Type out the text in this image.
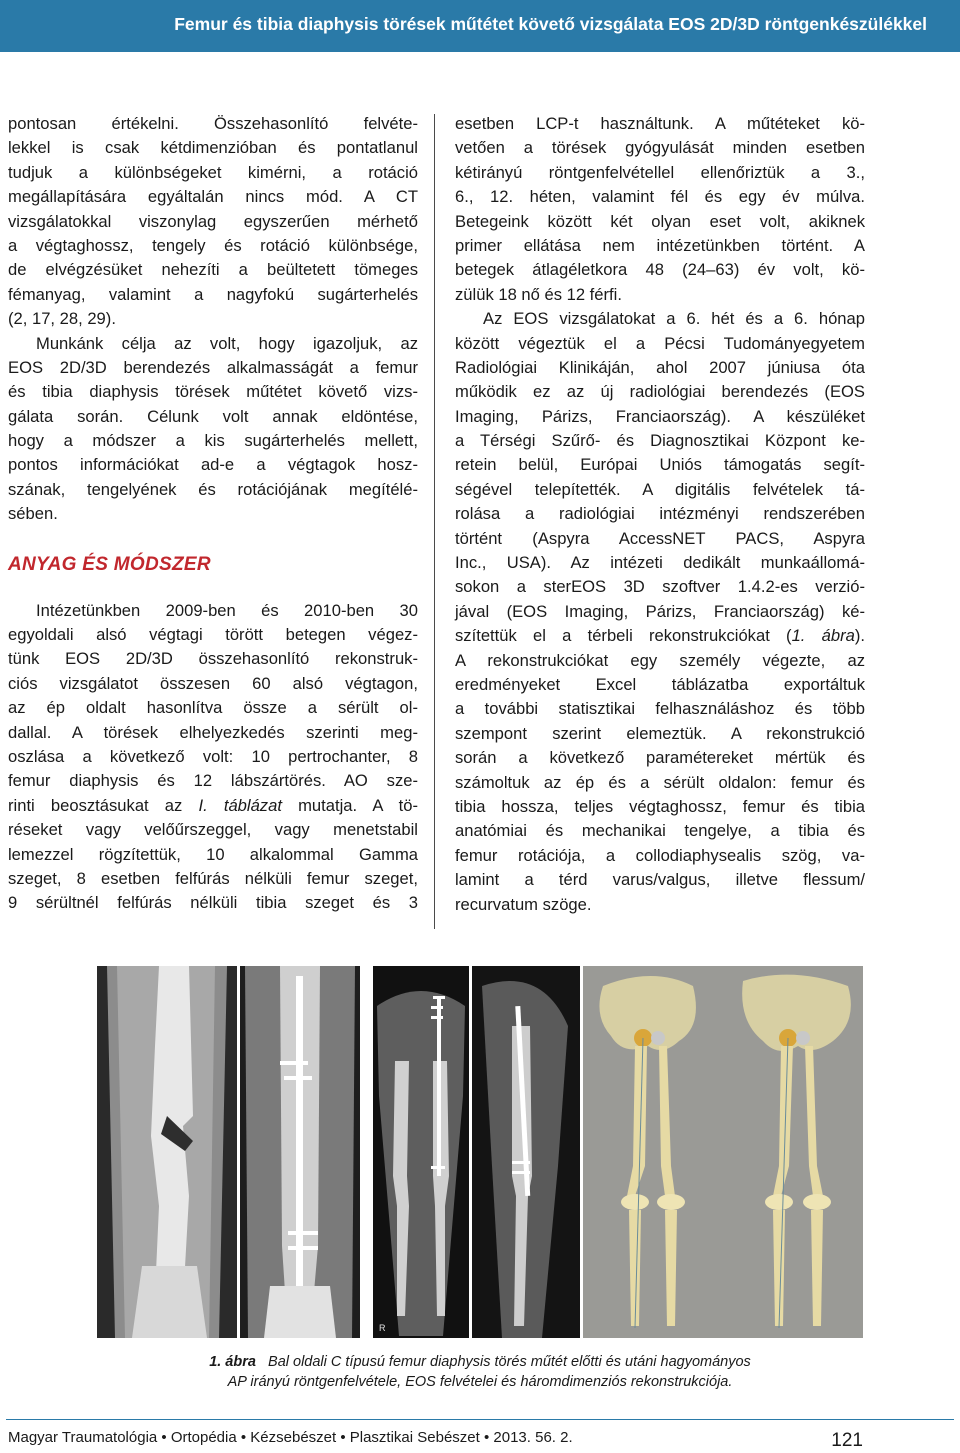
Femur és tibia diaphysis törések műtétet követő vizsgálata EOS 2D/3D röntgenkészülékkel
pontosan értékelni. Összehasonlító felvéte-
lekkel is csak kétdimenzióban és pontatlanul
tudjuk a különbségeket kimérni, a rotáció
megállapítására egyáltalán nincs mód. A CT
vizsgálatokkal viszonylag egyszerűen mérhető
a végtaghossz, tengely és rotáció különbsége,
de elvégzésüket nehezíti a beültetett tömeges
fémanyag, valamint a nagyfokú sugárterhelés
(2, 17, 28, 29).
Munkánk célja az volt, hogy igazoljuk, az
EOS 2D/3D berendezés alkalmasságát a femur
és tibia diaphysis törések műtétet követő vizs-
gálata során. Célunk volt annak eldöntése,
hogy a módszer a kis sugárterhelés mellett,
pontos információkat ad-e a végtagok hosz-
szának, tengelyének és rotációjának megítélé-
sében.
ANYAG ÉS MÓDSZER
Intézetünkben 2009-ben és 2010-ben 30
egyoldali alsó végtagi törött betegen végez-
tünk EOS 2D/3D összehasonlító rekonstruk-
ciós vizsgálatot összesen 60 alsó végtagon,
az ép oldalt hasonlítva össze a sérült ol-
dallal. A törések elhelyezkedés szerinti meg-
oszlása a következő volt: 10 pertrochanter, 8
femur diaphysis és 12 lábszártörés. AO sze-
rinti beosztásukat az I. táblázat mutatja. A tö-
réseket vagy velőűrszeggel, vagy menetstabil
lemezzel rögzítettük, 10 alkalommal Gamma
szeget, 8 esetben felfúrás nélküli femur szeget,
9 sérültnél felfúrás nélküli tibia szeget és 3
esetben LCP-t használtunk. A műtéteket kö-
vetően a törések gyógyulását minden esetben
kétirányú röntgenfelvétellel ellenőriztük a 3.,
6., 12. héten, valamint fél és egy év múlva.
Betegeink között két olyan eset volt, akiknek
primer ellátása nem intézetünkben történt. A
betegek átlagéletkora 48 (24–63) év volt, kö-
zülük 18 nő és 12 férfi.
Az EOS vizsgálatokat a 6. hét és a 6. hónap
között végeztük el a Pécsi Tudományegyetem
Radiológiai Klinikáján, ahol 2007 júniusa óta
működik ez az új radiológiai berendezés (EOS
Imaging, Párizs, Franciaország). A készüléket
a Térségi Szűrő- és Diagnosztikai Központ ke-
retein belül, Európai Uniós támogatás segít-
ségével telepítették. A digitális felvételek tá-
rolása a radiológiai intézményi rendszerében
történt (Aspyra AccessNET PACS, Aspyra
Inc., USA). Az intézeti dedikált munkaállomá-
sokon a sterEOS 3D szoftver 1.4.2-es verzió-
jával (EOS Imaging, Párizs, Franciaország) ké-
szítettük el a térbeli rekonstrukciókat (1. ábra).
A rekonstrukciókat egy személy végezte, az
eredményeket Excel táblázatba exportáltuk
a további statisztikai felhasználáshoz és több
szempont szerint elemeztük. A rekonstrukció
során a következő paramétereket mértük és
számoltuk az ép és a sérült oldalon: femur és
tibia hossza, teljes végtaghossz, femur és tibia
anatómiai és mechanikai tengelye, a tibia és
femur rotációja, a collodiaphysealis szög, va-
lamint a térd varus/valgus, illetve flessum/
recurvatum szöge.
R
1. ábra Bal oldali C típusú femur diaphysis törés műtét előtti és utáni hagyományos
AP irányú röntgenfelvétele, EOS felvételei és háromdimenziós rekonstrukciója.
Magyar Traumatológia • Ortopédia • Kézsebészet • Plasztikai Sebészet • 2013. 56. 2.	121
